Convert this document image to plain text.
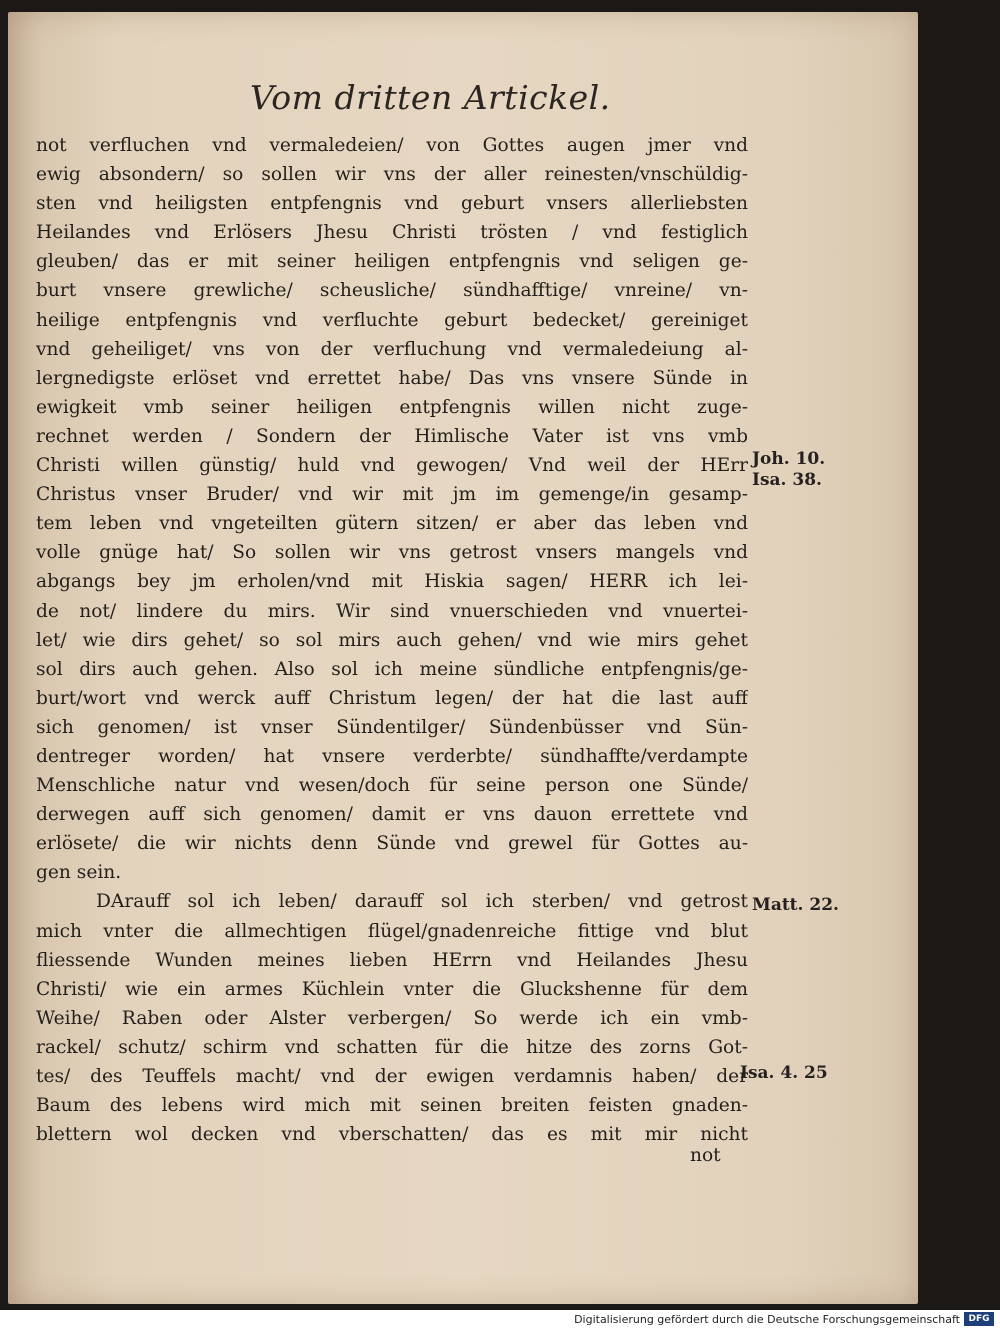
Vom dritten Artickel.
not verfluchen vnd vermaledeien/ von Gottes augen jmer vnd
ewig absondern/ so sollen wir vns der aller reinesten/vnschüldig-
sten vnd heiligsten entpfengnis vnd geburt vnsers allerliebsten
Heilandes vnd Erlösers Jhesu Christi trösten / vnd festiglich
gleuben/ das er mit seiner heiligen entpfengnis vnd seligen ge-
burt vnsere grewliche/ scheusliche/ sündhafftige/ vnreine/ vn-
heilige entpfengnis vnd verfluchte geburt bedecket/ gereiniget
vnd geheiliget/ vns von der verfluchung vnd vermaledeiung al-
lergnedigste erlöset vnd errettet habe/ Das vns vnsere Sünde in
ewigkeit vmb seiner heiligen entpfengnis willen nicht zuge-
rechnet werden / Sondern der Himlische Vater ist vns vmb
Christi willen günstig/ huld vnd gewogen/ Vnd weil der HErr
Christus vnser Bruder/ vnd wir mit jm im gemenge/in gesamp-
tem leben vnd vngeteilten gütern sitzen/ er aber das leben vnd
volle gnüge hat/ So sollen wir vns getrost vnsers mangels vnd
abgangs bey jm erholen/vnd mit Hiskia sagen/ HERR ich lei-
de not/ lindere du mirs. Wir sind vnuerschieden vnd vnuertei-
let/ wie dirs gehet/ so sol mirs auch gehen/ vnd wie mirs gehet
sol dirs auch gehen. Also sol ich meine sündliche entpfengnis/ge-
burt/wort vnd werck auff Christum legen/ der hat die last auff
sich genomen/ ist vnser Sündentilger/ Sündenbüsser vnd Sün-
dentreger worden/ hat vnsere verderbte/ sündhaffte/verdampte
Menschliche natur vnd wesen/doch für seine person one Sünde/
derwegen auff sich genomen/ damit er vns dauon errettete vnd
erlösete/ die wir nichts denn Sünde vnd grewel für Gottes au-
gen sein.
DArauff sol ich leben/ darauff sol ich sterben/ vnd getrost
mich vnter die allmechtigen flügel/gnadenreiche fittige vnd blut
fliessende Wunden meines lieben HErrn vnd Heilandes Jhesu
Christi/ wie ein armes Küchlein vnter die Gluckshenne für dem
Weihe/ Raben oder Alster verbergen/ So werde ich ein vmb-
rackel/ schutz/ schirm vnd schatten für die hitze des zorns Got-
tes/ des Teuffels macht/ vnd der ewigen verdamnis haben/ der
Baum des lebens wird mich mit seinen breiten feisten gnaden-
blettern wol decken vnd vberschatten/ das es mit mir nicht
Joh. 10.
Isa. 38.
Matt. 22.
Isa. 4. 25
not
Digitalisierung gefördert durch die Deutsche Forschungsgemeinschaft DFG
